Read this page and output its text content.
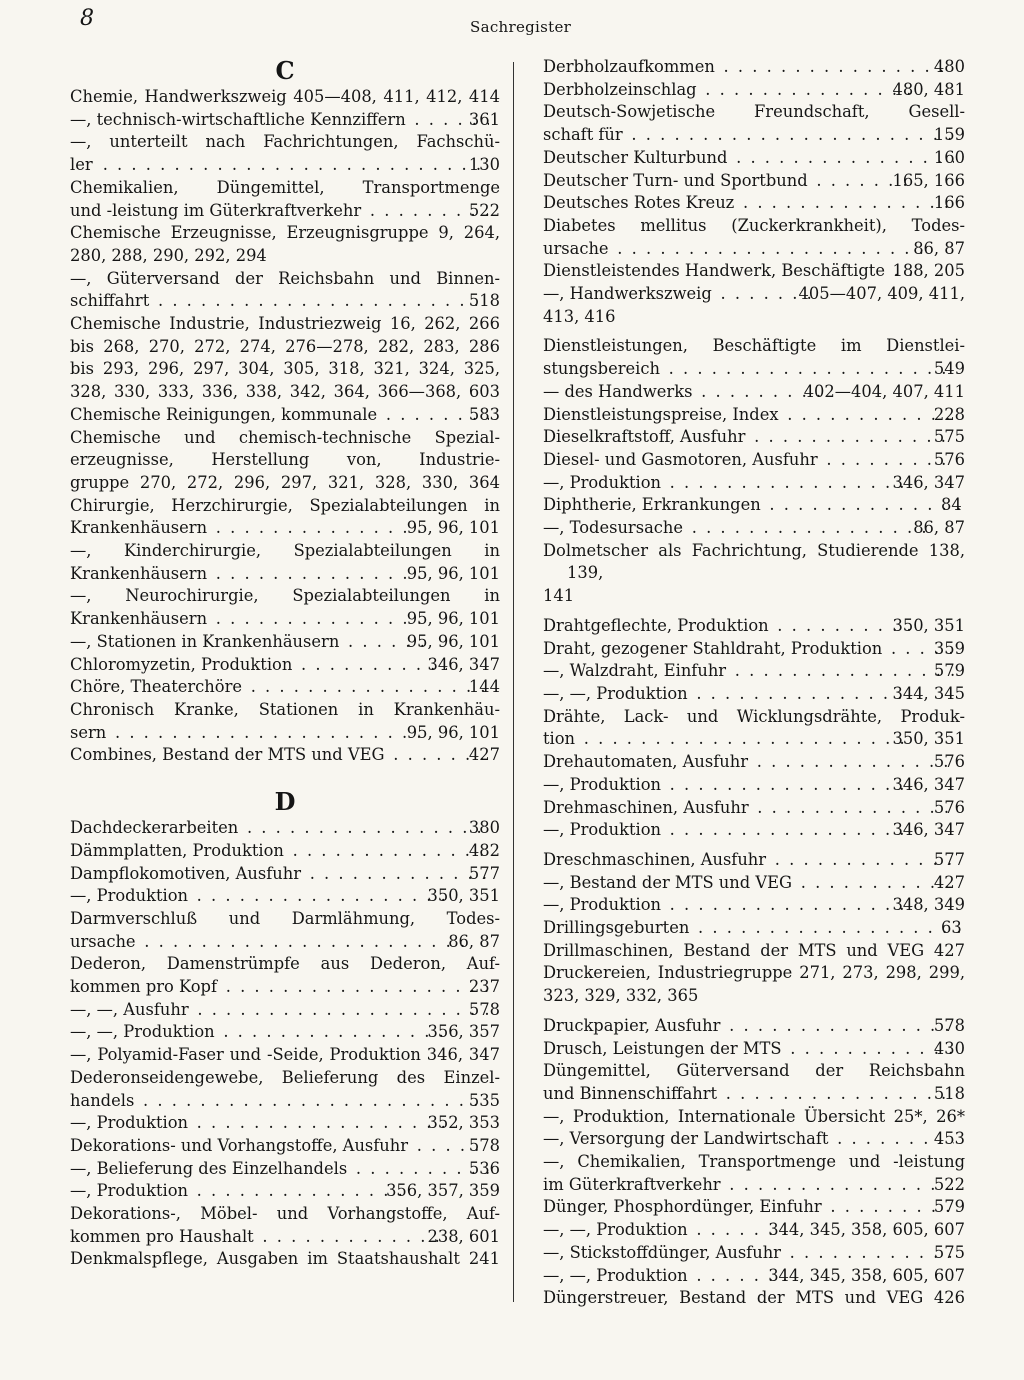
8	Sachregister
C
Chemie, Handwerkszweig 405—408, 411, 412, 414
—, technisch-wirtschaftliche Kennziffern . . .	361
—, unterteilt nach Fachrichtungen, Fachschü-
ler . . .	130
Chemikalien, Düngemittel, Transportmenge
und -leistung im Güterkraftverkehr . . .	522
Chemische Erzeugnisse, Erzeugnisgruppe 9, 264,
280, 288, 290, 292, 294
—, Güterversand der Reichsbahn und Binnen-
schiffahrt . . .	518
Chemische Industrie, Industriezweig 16, 262, 266
bis 268, 270, 272, 274, 276—278, 282, 283, 286
bis 293, 296, 297, 304, 305, 318, 321, 324, 325,
328, 330, 333, 336, 338, 342, 364, 366—368, 603
Chemische Reinigungen, kommunale . . .	583
Chemische und chemisch-technische Spezial-
erzeugnisse, Herstellung von, Industrie-
gruppe 270, 272, 296, 297, 321, 328, 330, 364
Chirurgie, Herzchirurgie, Spezialabteilungen in
Krankenhäusern . . .	95, 96, 101
—, Kinderchirurgie, Spezialabteilungen in
Krankenhäusern . . .	95, 96, 101
—, Neurochirurgie, Spezialabteilungen in
Krankenhäusern . . .	95, 96, 101
—, Stationen in Krankenhäusern . . .	95, 96, 101
Chloromyzetin, Produktion . . .	346, 347
Chöre, Theaterchöre . . .	144
Chronisch Kranke, Stationen in Krankenhäu-
sern . . .	95, 96, 101
Combines, Bestand der MTS und VEG . . .	427
D
Dachdeckerarbeiten . . .	380
Dämmplatten, Produktion . . .	482
Dampflokomotiven, Ausfuhr . . .	577
—, Produktion . . .	350, 351
Darmverschluß und Darmlähmung, Todes-
ursache . . .	86, 87
Dederon, Damenstrümpfe aus Dederon, Auf-
kommen pro Kopf . . .	237
—, —, Ausfuhr . . .	578
—, —, Produktion . . .	356, 357
—, Polyamid-Faser und -Seide, Produktion 346, 347
Dederonseidengewebe, Belieferung des Einzel-
handels . . .	535
—, Produktion . . .	352, 353
Dekorations- und Vorhangstoffe, Ausfuhr . . .	578
—, Belieferung des Einzelhandels . . .	536
—, Produktion . . .	356, 357, 359
Dekorations-, Möbel- und Vorhangstoffe, Auf-
kommen pro Haushalt . . .	238, 601
Denkmalspflege, Ausgaben im Staatshaushalt 241
Derbholzaufkommen . . .	480
Derbholzeinschlag . . .	480, 481
Deutsch-Sowjetische Freundschaft, Gesell-
schaft für . . .	159
Deutscher Kulturbund . . .	160
Deutscher Turn- und Sportbund . . .	165, 166
Deutsches Rotes Kreuz . . .	166
Diabetes mellitus (Zuckerkrankheit), Todes-
ursache . . .	86, 87
Dienstleistendes Handwerk, Beschäftigte . . . 188, 205
—, Handwerkszweig . . .	405—407, 409, 411,
413, 416
Dienstleistungen, Beschäftigte im Dienstlei-
stungsbereich . . .	549
— des Handwerks . . .	402—404, 407, 411
Dienstleistungspreise, Index . . .	228
Dieselkraftstoff, Ausfuhr . . .	575
Diesel- und Gasmotoren, Ausfuhr . . .	576
—, Produktion . . .	346, 347
Diphtherie, Erkrankungen . . .	84
—, Todesursache . . .	86, 87
Dolmetscher als Fachrichtung, Studierende 138, 139,
141
Drahtgeflechte, Produktion . . .	350, 351
Draht, gezogener Stahldraht, Produktion . . .	359
—, Walzdraht, Einfuhr . . .	579
—, —, Produktion . . .	344, 345
Drähte, Lack- und Wicklungsdrähte, Produk-
tion . . .	350, 351
Drehautomaten, Ausfuhr . . .	576
—, Produktion . . .	346, 347
Drehmaschinen, Ausfuhr . . .	576
—, Produktion . . .	346, 347
Dreschmaschinen, Ausfuhr . . .	577
—, Bestand der MTS und VEG . . .	427
—, Produktion . . .	348, 349
Drillingsgeburten . . .	63
Drillmaschinen, Bestand der MTS und VEG 427
Druckereien, Industriegruppe 271, 273, 298, 299,
323, 329, 332, 365
Druckpapier, Ausfuhr . . .	578
Drusch, Leistungen der MTS . . .	430
Düngemittel, Güterversand der Reichsbahn
und Binnenschiffahrt . . .	518
—, Produktion, Internationale Übersicht 25*, 26*
—, Versorgung der Landwirtschaft . . .	453
—, Chemikalien, Transportmenge und -leistung
im Güterkraftverkehr . . .	522
Dünger, Phosphordünger, Einfuhr . . .	579
—, —, Produktion . . .	344, 345, 358, 605, 607
—, Stickstoffdünger, Ausfuhr . . .	575
—, —, Produktion . . .	344, 345, 358, 605, 607
Düngerstreuer, Bestand der MTS und VEG 426
